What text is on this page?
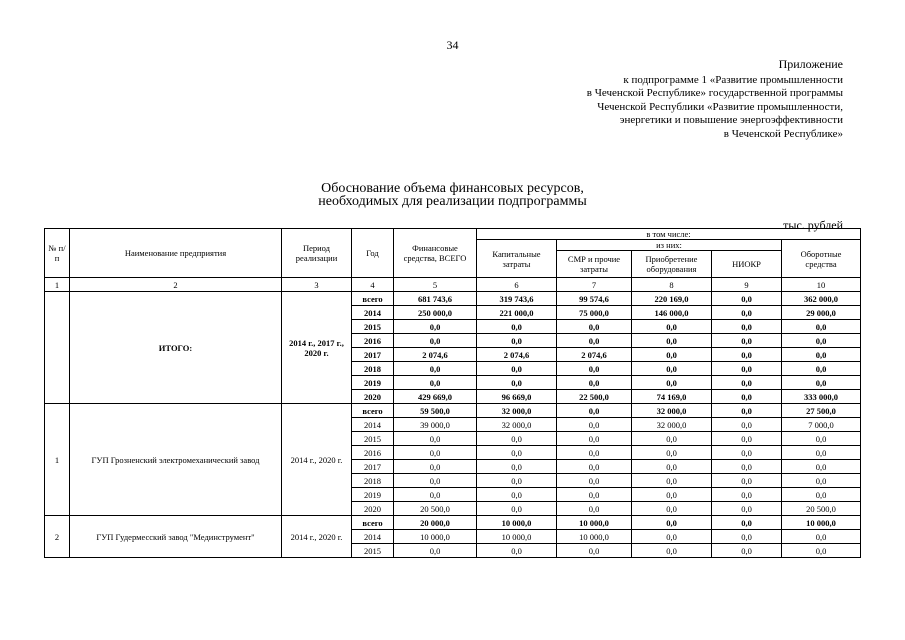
34
Приложение
к подпрограмме 1 «Развитие промышленности
в Чеченской Республике» государственной программы
Чеченской Республики «Развитие промышленности,
энергетики и повышение энергоэффективности
в Чеченской Республике»
Обоснование объема финансовых ресурсов,
необходимых для реализации подпрограммы
тыс. рублей
№ п/п	Наименование предприятия	Период реализации	Год	Финансовые средства, ВСЕГО	в том числе:				
					Капитальные затраты	из них:			Оборотные средства
						СМР и прочие затраты	Приобретение оборудования	НИОКР	
1	2	3	4	5	6	7	8	9	10
	ИТОГО:	2014 г., 2017 г., 2020 г.	всего	681 743,6	319 743,6	99 574,6	220 169,0	0,0	362 000,0
			2014	250 000,0	221 000,0	75 000,0	146 000,0	0,0	29 000,0
			2015	0,0	0,0	0,0	0,0	0,0	0,0
			2016	0,0	0,0	0,0	0,0	0,0	0,0
			2017	2 074,6	2 074,6	2 074,6	0,0	0,0	0,0
			2018	0,0	0,0	0,0	0,0	0,0	0,0
			2019	0,0	0,0	0,0	0,0	0,0	0,0
			2020	429 669,0	96 669,0	22 500,0	74 169,0	0,0	333 000,0
1	ГУП Грозненский электромеханический завод	2014 г., 2020 г.	всего	59 500,0	32 000,0	0,0	32 000,0	0,0	27 500,0
			2014	39 000,0	32 000,0	0,0	32 000,0	0,0	7 000,0
			2015	0,0	0,0	0,0	0,0	0,0	0,0
			2016	0,0	0,0	0,0	0,0	0,0	0,0
			2017	0,0	0,0	0,0	0,0	0,0	0,0
			2018	0,0	0,0	0,0	0,0	0,0	0,0
			2019	0,0	0,0	0,0	0,0	0,0	0,0
			2020	20 500,0	0,0	0,0	0,0	0,0	20 500,0
2	ГУП Гудермесский завод "Мединструмент"	2014 г., 2020 г.	всего	20 000,0	10 000,0	10 000,0	0,0	0,0	10 000,0
			2014	10 000,0	10 000,0	10 000,0	0,0	0,0	0,0
			2015	0,0	0,0	0,0	0,0	0,0	0,0
